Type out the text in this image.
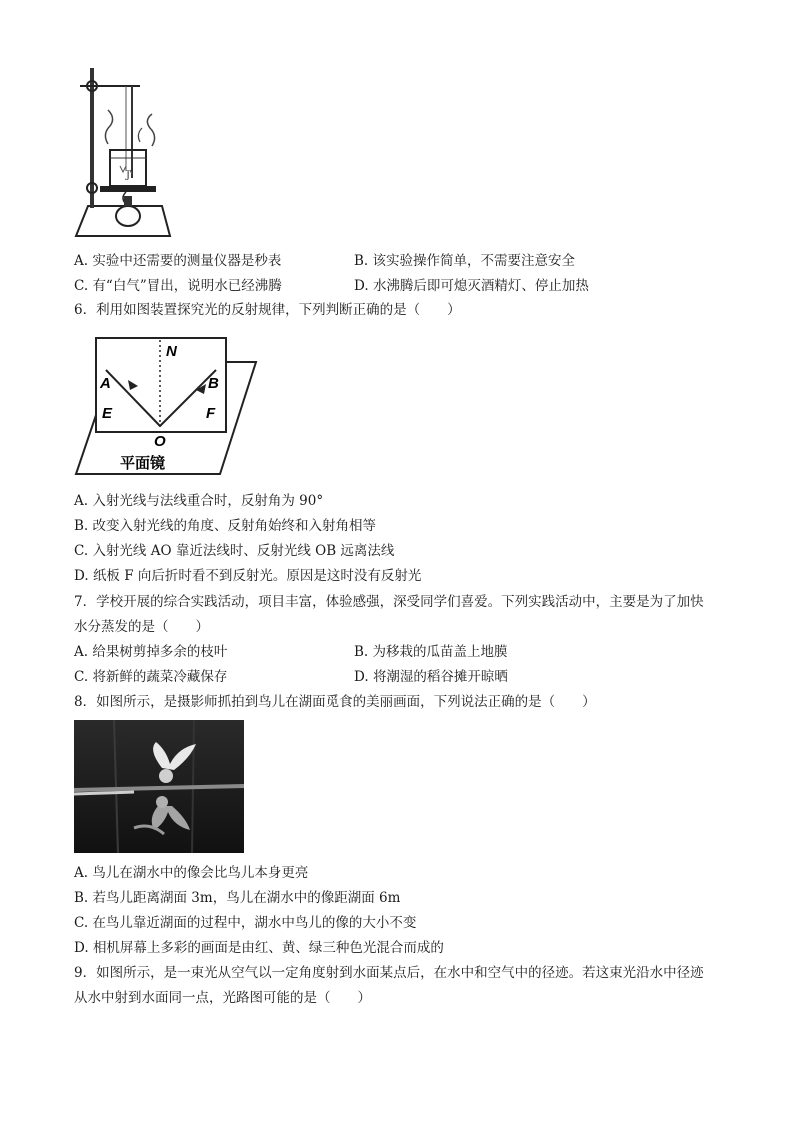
J
A. 实验中还需要的测量仪器是秒表	B. 该实验操作简单，不需要注意安全
C. 有“白气”冒出，说明水已经沸腾	D. 水沸腾后即可熄灭酒精灯、停止加热
6．利用如图装置探究光的反射规律，下列判断正确的是（　　）
N
A	B
E	F
O
平面镜
A. 入射光线与法线重合时，反射角为 90°
B. 改变入射光线的角度、反射角始终和入射角相等
C. 入射光线 AO 靠近法线时、反射光线 OB 远离法线
D. 纸板 F 向后折时看不到反射光。原因是这时没有反射光
7．学校开展的综合实践活动，项目丰富，体验感强，深受同学们喜爱。下列实践活动中，主要是为了加快
水分蒸发的是（　　）
A. 给果树剪掉多余的枝叶	B. 为移栽的瓜苗盖上地膜
C. 将新鲜的蔬菜冷藏保存	D. 将潮湿的稻谷摊开晾晒
8．如图所示，是摄影师抓拍到鸟儿在湖面觅食的美丽画面，下列说法正确的是（　　）
A. 鸟儿在湖水中的像会比鸟儿本身更亮
B. 若鸟儿距离湖面 3m，鸟儿在湖水中的像距湖面 6m
C. 在鸟儿靠近湖面的过程中，湖水中鸟儿的像的大小不变
D. 相机屏幕上多彩的画面是由红、黄、绿三种色光混合而成的
9．如图所示，是一束光从空气以一定角度射到水面某点后，在水中和空气中的径迹。若这束光沿水中径迹
从水中射到水面同一点，光路图可能的是（　　）
